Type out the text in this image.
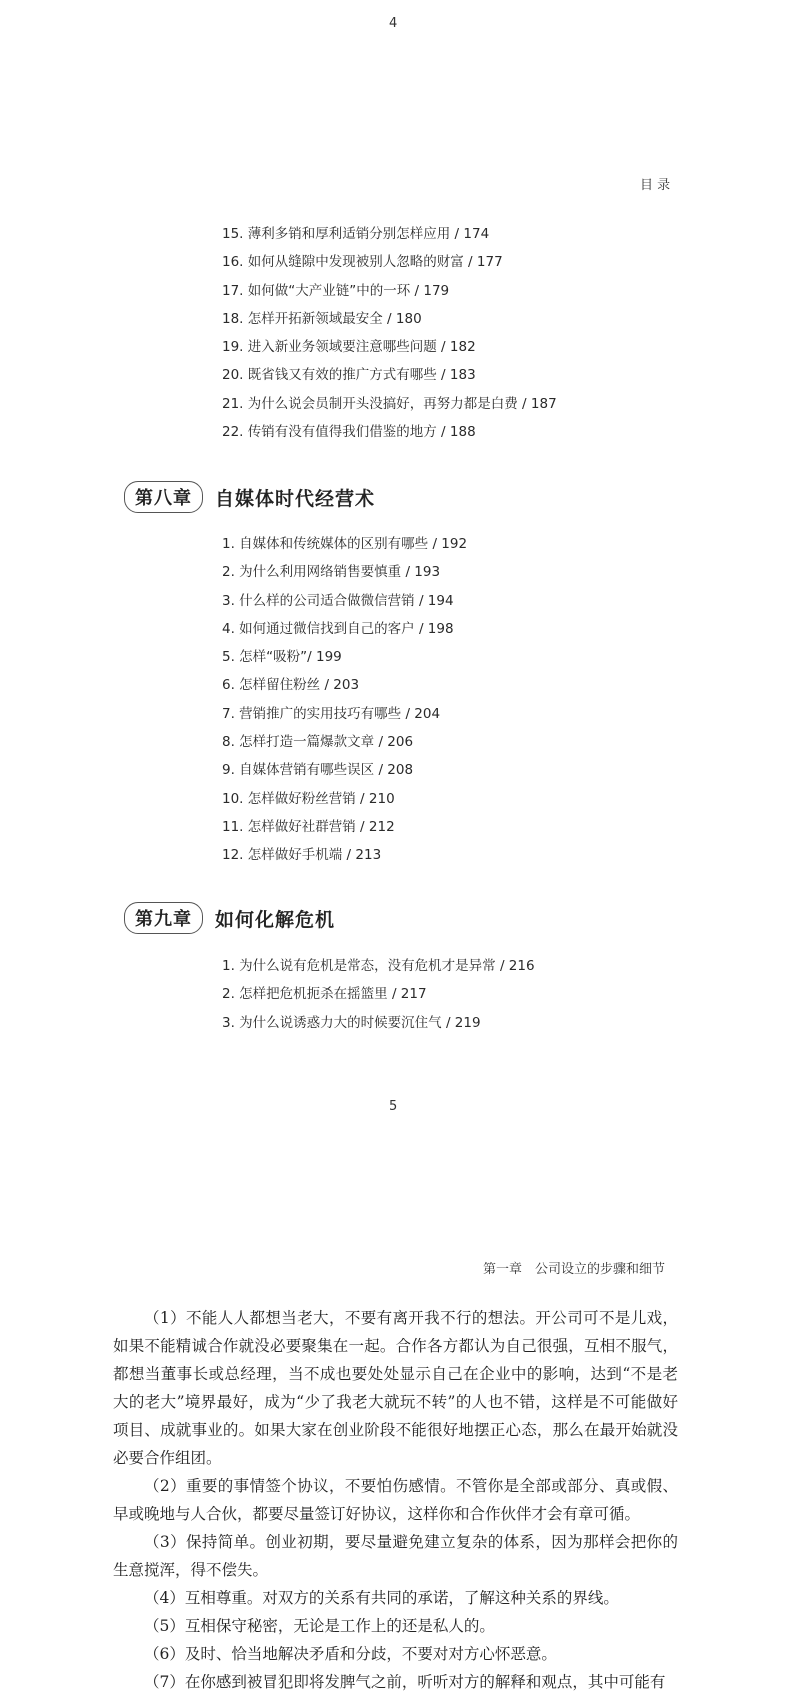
4
目 录
15. 薄利多销和厚利适销分别怎样应用 / 174
16. 如何从缝隙中发现被别人忽略的财富 / 177
17. 如何做“大产业链”中的一环 / 179
18. 怎样开拓新领域最安全 / 180
19. 进入新业务领域要注意哪些问题 / 182
20. 既省钱又有效的推广方式有哪些 / 183
21. 为什么说会员制开头没搞好，再努力都是白费 / 187
22. 传销有没有值得我们借鉴的地方 / 188
第八章	自媒体时代经营术
1. 自媒体和传统媒体的区别有哪些 / 192
2. 为什么利用网络销售要慎重 / 193
3. 什么样的公司适合做微信营销 / 194
4. 如何通过微信找到自己的客户 / 198
5. 怎样“吸粉”/ 199
6. 怎样留住粉丝 / 203
7. 营销推广的实用技巧有哪些 / 204
8. 怎样打造一篇爆款文章 / 206
9. 自媒体营销有哪些误区 / 208
10. 怎样做好粉丝营销 / 210
11. 怎样做好社群营销 / 212
12. 怎样做好手机端 / 213
第九章	如何化解危机
1. 为什么说有危机是常态，没有危机才是异常 / 216
2. 怎样把危机扼杀在摇篮里 / 217
3. 为什么说诱惑力大的时候要沉住气 / 219
5
第一章　公司设立的步骤和细节

（1）不能人人都想当老大，不要有离开我不行的想法。开公司可不是儿戏，如果不能精诚合作就没必要聚集在一起。合作各方都认为自己很强，互相不服气，都想当董事长或总经理，当不成也要处处显示自己在企业中的影响，达到“不是老大的老大”境界最好，成为“少了我老大就玩不转”的人也不错，这样是不可能做好项目、成就事业的。如果大家在创业阶段不能很好地摆正心态，那么在最开始就没必要合作组团。

（2）重要的事情签个协议，不要怕伤感情。不管你是全部或部分、真或假、早或晚地与人合伙，都要尽量签订好协议，这样你和合作伙伴才会有章可循。

（3）保持简单。创业初期，要尽量避免建立复杂的体系，因为那样会把你的生意搅浑，得不偿失。

（4）互相尊重。对双方的关系有共同的承诺，了解这种关系的界线。

（5）互相保守秘密，无论是工作上的还是私人的。

（6）及时、恰当地解决矛盾和分歧，不要对对方心怀恶意。

（7）在你感到被冒犯即将发脾气之前，听听对方的解释和观点，其中可能有
